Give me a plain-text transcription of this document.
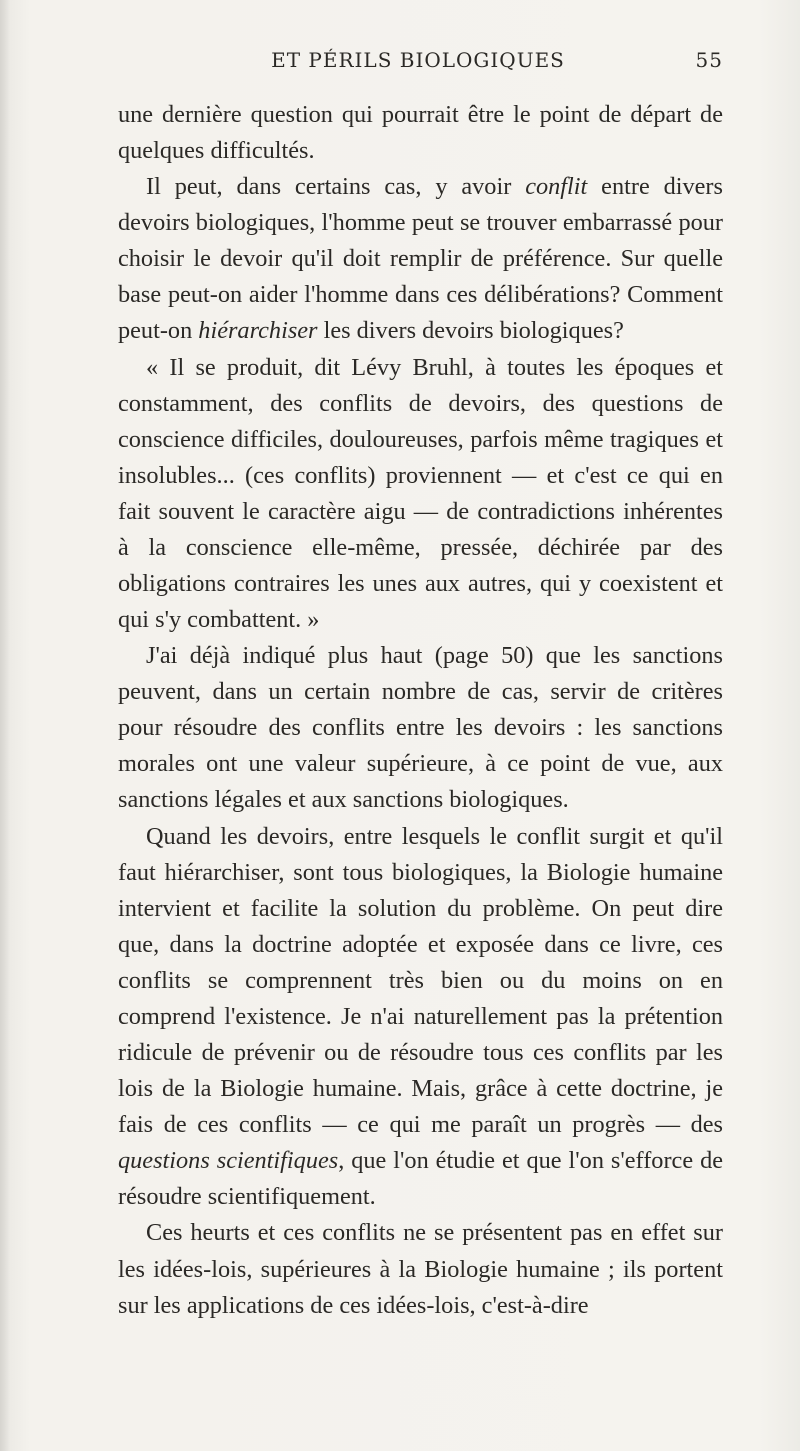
ET PÉRILS BIOLOGIQUES	55

une dernière question qui pourrait être le point de départ de quelques difficultés.

Il peut, dans certains cas, y avoir conflit entre divers devoirs biologiques, l'homme peut se trouver embarrassé pour choisir le devoir qu'il doit remplir de préférence. Sur quelle base peut-on aider l'homme dans ces délibérations? Comment peut-on hiérarchiser les divers devoirs biologiques?

« Il se produit, dit Lévy Bruhl, à toutes les époques et constamment, des conflits de devoirs, des questions de conscience difficiles, douloureuses, parfois même tragiques et insolubles... (ces conflits) proviennent — et c'est ce qui en fait souvent le caractère aigu — de contradictions inhérentes à la conscience elle-même, pressée, déchirée par des obligations contraires les unes aux autres, qui y coexistent et qui s'y combattent. »

J'ai déjà indiqué plus haut (page 50) que les sanctions peuvent, dans un certain nombre de cas, servir de critères pour résoudre des conflits entre les devoirs : les sanctions morales ont une valeur supérieure, à ce point de vue, aux sanctions légales et aux sanctions biologiques.

Quand les devoirs, entre lesquels le conflit surgit et qu'il faut hiérarchiser, sont tous biologiques, la Biologie humaine intervient et facilite la solution du problème. On peut dire que, dans la doctrine adoptée et exposée dans ce livre, ces conflits se comprennent très bien ou du moins on en comprend l'existence. Je n'ai naturellement pas la prétention ridicule de prévenir ou de résoudre tous ces conflits par les lois de la Biologie humaine. Mais, grâce à cette doctrine, je fais de ces conflits — ce qui me paraît un progrès — des questions scientifiques, que l'on étudie et que l'on s'efforce de résoudre scientifiquement.

Ces heurts et ces conflits ne se présentent pas en effet sur les idées-lois, supérieures à la Biologie humaine ; ils portent sur les applications de ces idées-lois, c'est-à-dire
